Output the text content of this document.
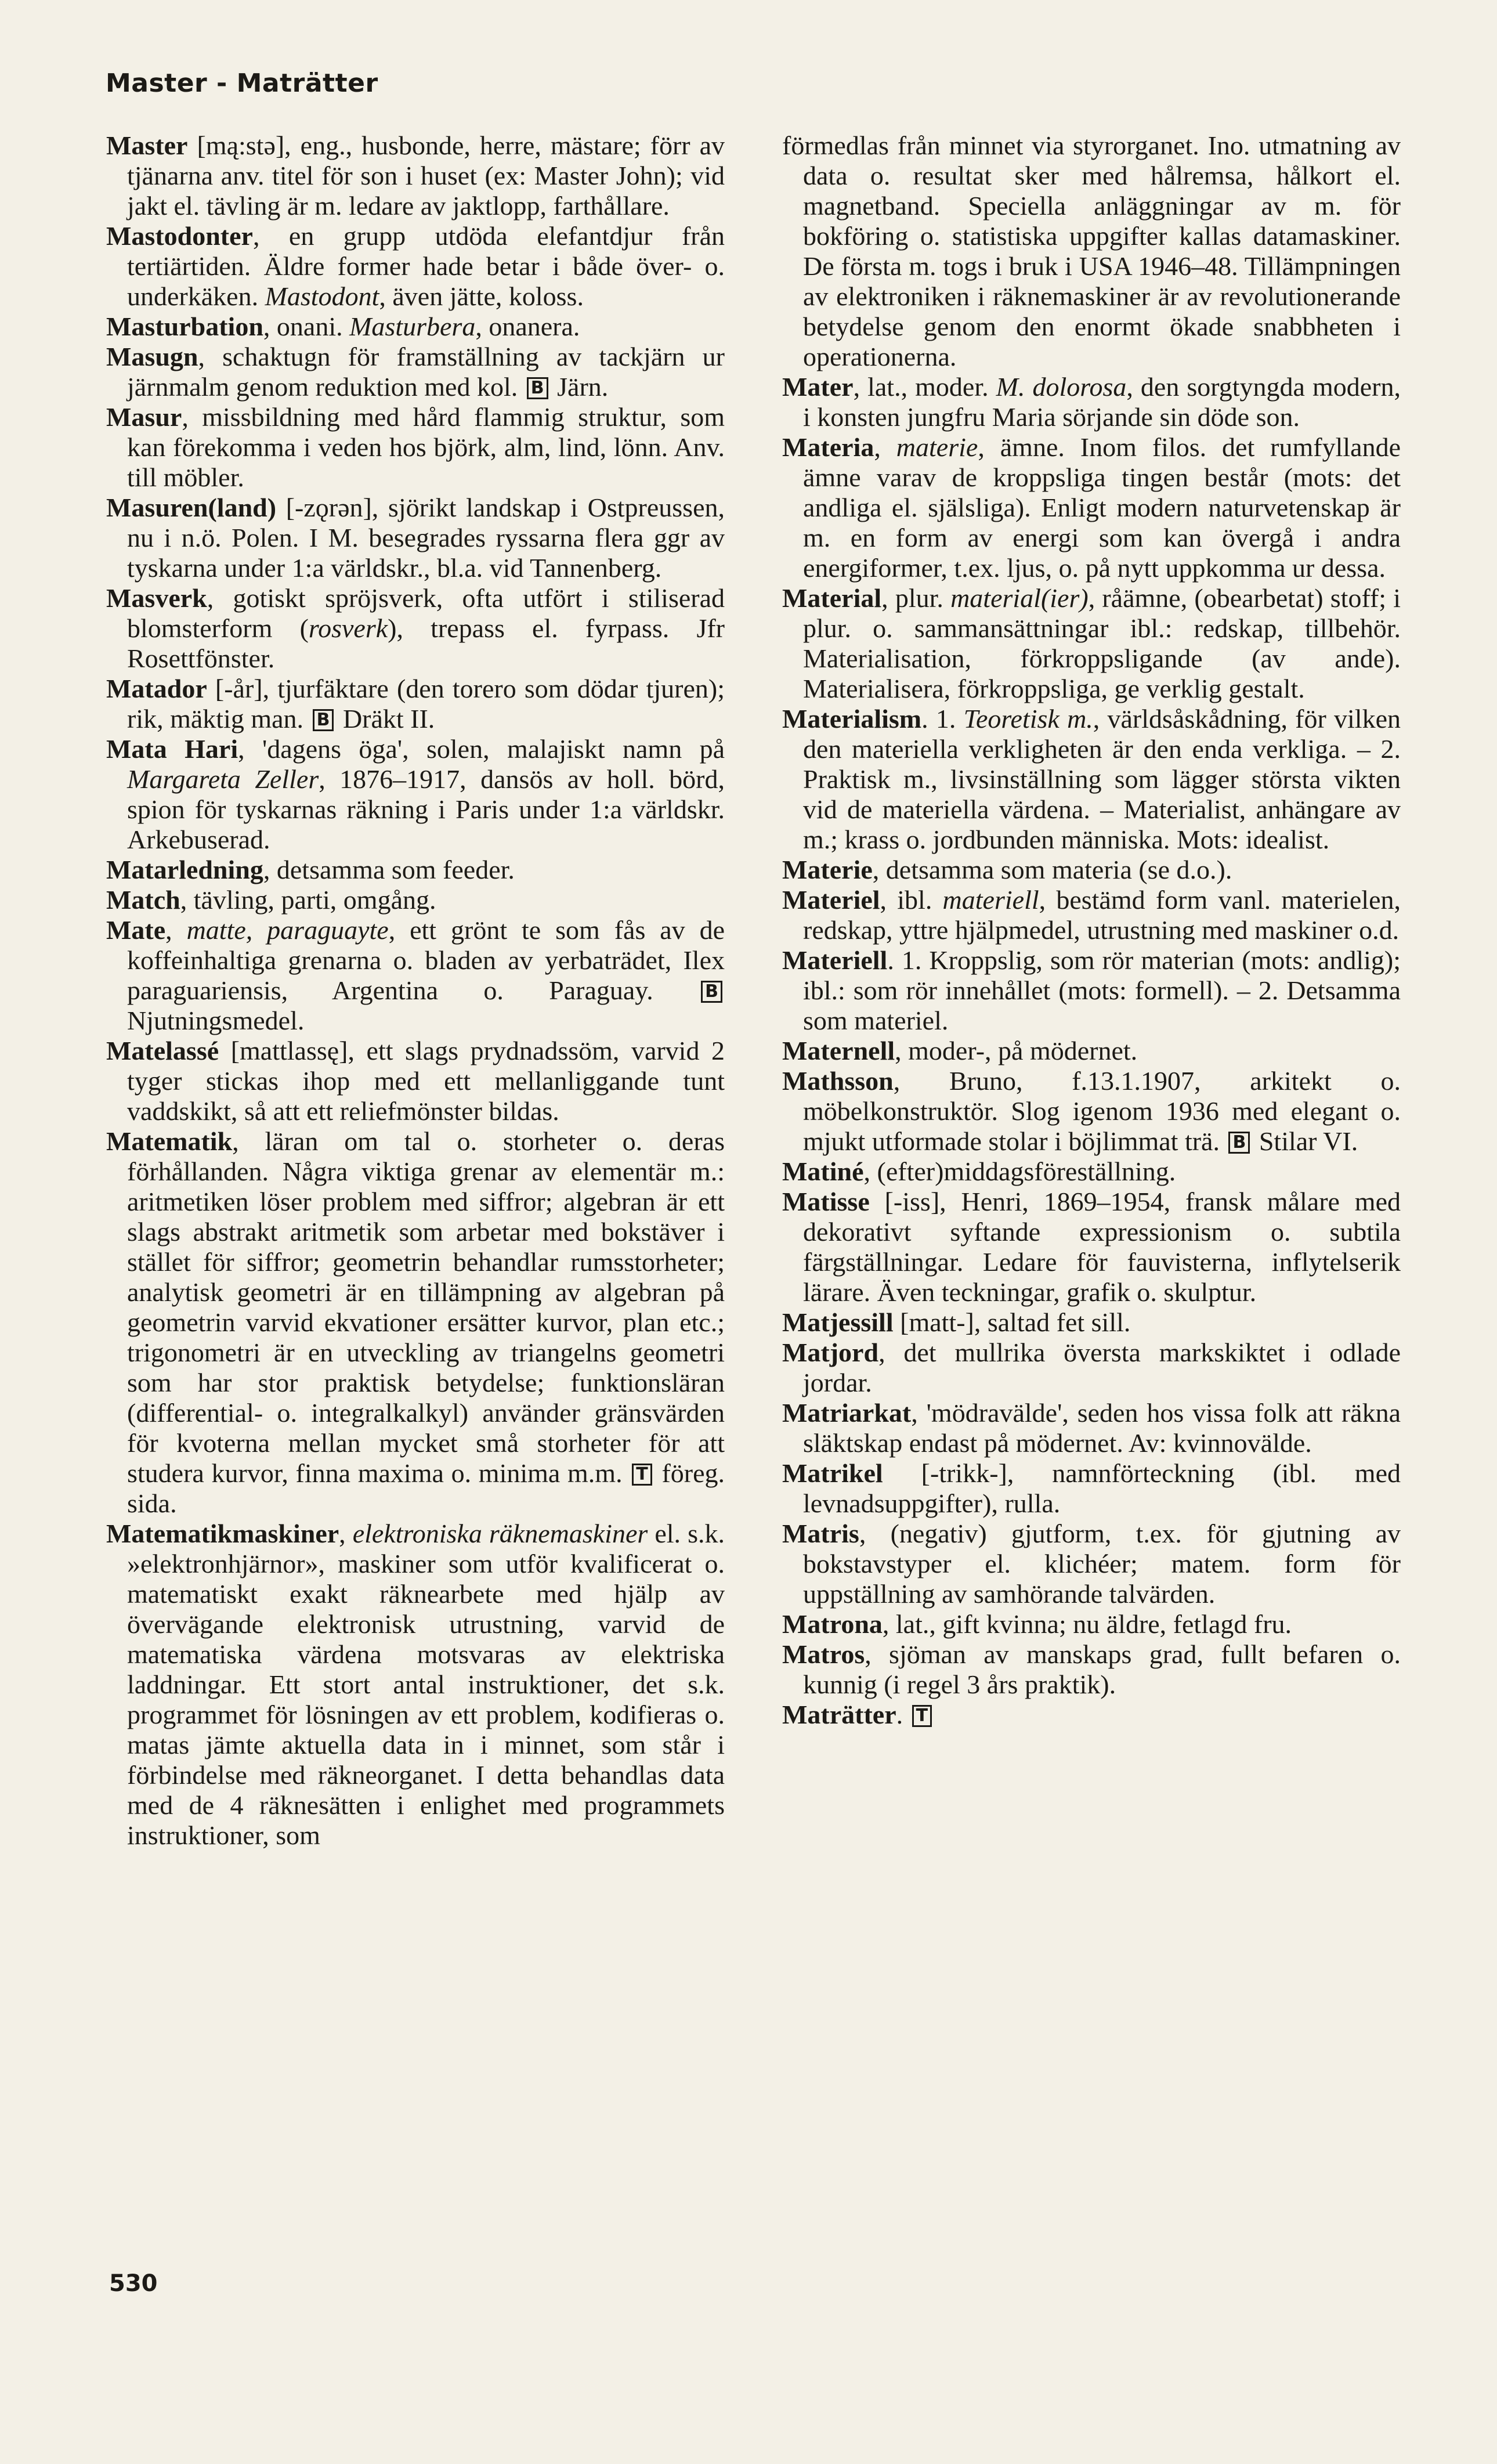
Master - Maträtter

Master [mą:stə], eng., husbonde, herre, mästare; förr av tjänarna anv. titel för son i huset (ex: Master John); vid jakt el. tävling är m. ledare av jaktlopp, farthållare.

Mastodonter, en grupp utdöda elefantdjur från tertiärtiden. Äldre former hade betar i både över- o. underkäken. Mastodont, även jätte, koloss.

Masturbation, onani. Masturbera, onanera.

Masugn, schaktugn för framställning av tackjärn ur järnmalm genom reduktion med kol. B Järn.

Masur, missbildning med hård flammig struktur, som kan förekomma i veden hos björk, alm, lind, lönn. Anv. till möbler.

Masuren(land) [-zǫrən], sjörikt landskap i Ostpreussen, nu i n.ö. Polen. I M. besegrades ryssarna flera ggr av tyskarna under 1:a världskr., bl.a. vid Tannenberg.

Masverk, gotiskt spröjsverk, ofta utfört i stiliserad blomsterform (rosverk), trepass el. fyrpass. Jfr Rosettfönster.

Matador [-år], tjurfäktare (den torero som dödar tjuren); rik, mäktig man. B Dräkt II.

Mata Hari, 'dagens öga', solen, malajiskt namn på Margareta Zeller, 1876–1917, dansös av holl. börd, spion för tyskarnas räkning i Paris under 1:a världskr. Arkebuserad.

Matarledning, detsamma som feeder.

Match, tävling, parti, omgång.

Mate, matte, paraguayte, ett grönt te som fås av de koffeinhaltiga grenarna o. bladen av yerbaträdet, Ilex paraguariensis, Argentina o. Paraguay. B Njutningsmedel.

Matelassé [mattlassę], ett slags prydnadssöm, varvid 2 tyger stickas ihop med ett mellanliggande tunt vaddskikt, så att ett reliefmönster bildas.

Matematik, läran om tal o. storheter o. deras förhållanden. Några viktiga grenar av elementär m.: aritmetiken löser problem med siffror; algebran är ett slags abstrakt aritmetik som arbetar med bokstäver i stället för siffror; geometrin behandlar rumsstorheter; analytisk geometri är en tillämpning av algebran på geometrin varvid ekvationer ersätter kurvor, plan etc.; trigonometri är en utveckling av triangelns geometri som har stor praktisk betydelse; funktionsläran (differential- o. integralkalkyl) använder gränsvärden för kvoterna mellan mycket små storheter för att studera kurvor, finna maxima o. minima m.m. T föreg. sida.

Matematikmaskiner, elektroniska räknemaskiner el. s.k. »elektronhjärnor», maskiner som utför kvalificerat o. matematiskt exakt räknearbete med hjälp av övervägande elektronisk utrustning, varvid de matematiska värdena motsvaras av elektriska laddningar. Ett stort antal instruktioner, det s.k. programmet för lösningen av ett problem, kodifieras o. matas jämte aktuella data in i minnet, som står i förbindelse med räkneorganet. I detta behandlas data med de 4 räknesätten i enlighet med programmets instruktioner, som

förmedlas från minnet via styrorganet. Ino. utmatning av data o. resultat sker med hålremsa, hålkort el. magnetband. Speciella anläggningar av m. för bokföring o. statistiska uppgifter kallas datamaskiner. De första m. togs i bruk i USA 1946–48. Tillämpningen av elektroniken i räknemaskiner är av revolutionerande betydelse genom den enormt ökade snabbheten i operationerna.

Mater, lat., moder. M. dolorosa, den sorgtyngda modern, i konsten jungfru Maria sörjande sin döde son.

Materia, materie, ämne. Inom filos. det rumfyllande ämne varav de kroppsliga tingen består (mots: det andliga el. själsliga). Enligt modern naturvetenskap är m. en form av energi som kan övergå i andra energiformer, t.ex. ljus, o. på nytt uppkomma ur dessa.

Material, plur. material(ier), råämne, (obearbetat) stoff; i plur. o. sammansättningar ibl.: redskap, tillbehör. Materialisation, förkroppsligande (av ande). Materialisera, förkroppsliga, ge verklig gestalt.

Materialism. 1. Teoretisk m., världsåskådning, för vilken den materiella verkligheten är den enda verkliga. – 2. Praktisk m., livsinställning som lägger största vikten vid de materiella värdena. – Materialist, anhängare av m.; krass o. jordbunden människa. Mots: idealist.

Materie, detsamma som materia (se d.o.).

Materiel, ibl. materiell, bestämd form vanl. materielen, redskap, yttre hjälpmedel, utrustning med maskiner o.d.

Materiell. 1. Kroppslig, som rör materian (mots: andlig); ibl.: som rör innehållet (mots: formell). – 2. Detsamma som materiel.

Maternell, moder-, på mödernet.

Mathsson, Bruno, f.13.1.1907, arkitekt o. möbelkonstruktör. Slog igenom 1936 med elegant o. mjukt utformade stolar i böjlimmat trä. B Stilar VI.

Matiné, (efter)middagsföreställning.

Matisse [-iss], Henri, 1869–1954, fransk målare med dekorativt syftande expressionism o. subtila färgställningar. Ledare för fauvisterna, inflytelserik lärare. Även teckningar, grafik o. skulptur.

Matjessill [matt-], saltad fet sill.

Matjord, det mullrika översta markskiktet i odlade jordar.

Matriarkat, 'mödravälde', seden hos vissa folk att räkna släktskap endast på mödernet. Av: kvinnovälde.

Matrikel [-trikk-], namnförteckning (ibl. med levnadsuppgifter), rulla.

Matris, (negativ) gjutform, t.ex. för gjutning av bokstavstyper el. klichéer; matem. form för uppställning av samhörande talvärden.

Matrona, lat., gift kvinna; nu äldre, fetlagd fru.

Matros, sjöman av manskaps grad, fullt befaren o. kunnig (i regel 3 års praktik).

Maträtter. T

530
